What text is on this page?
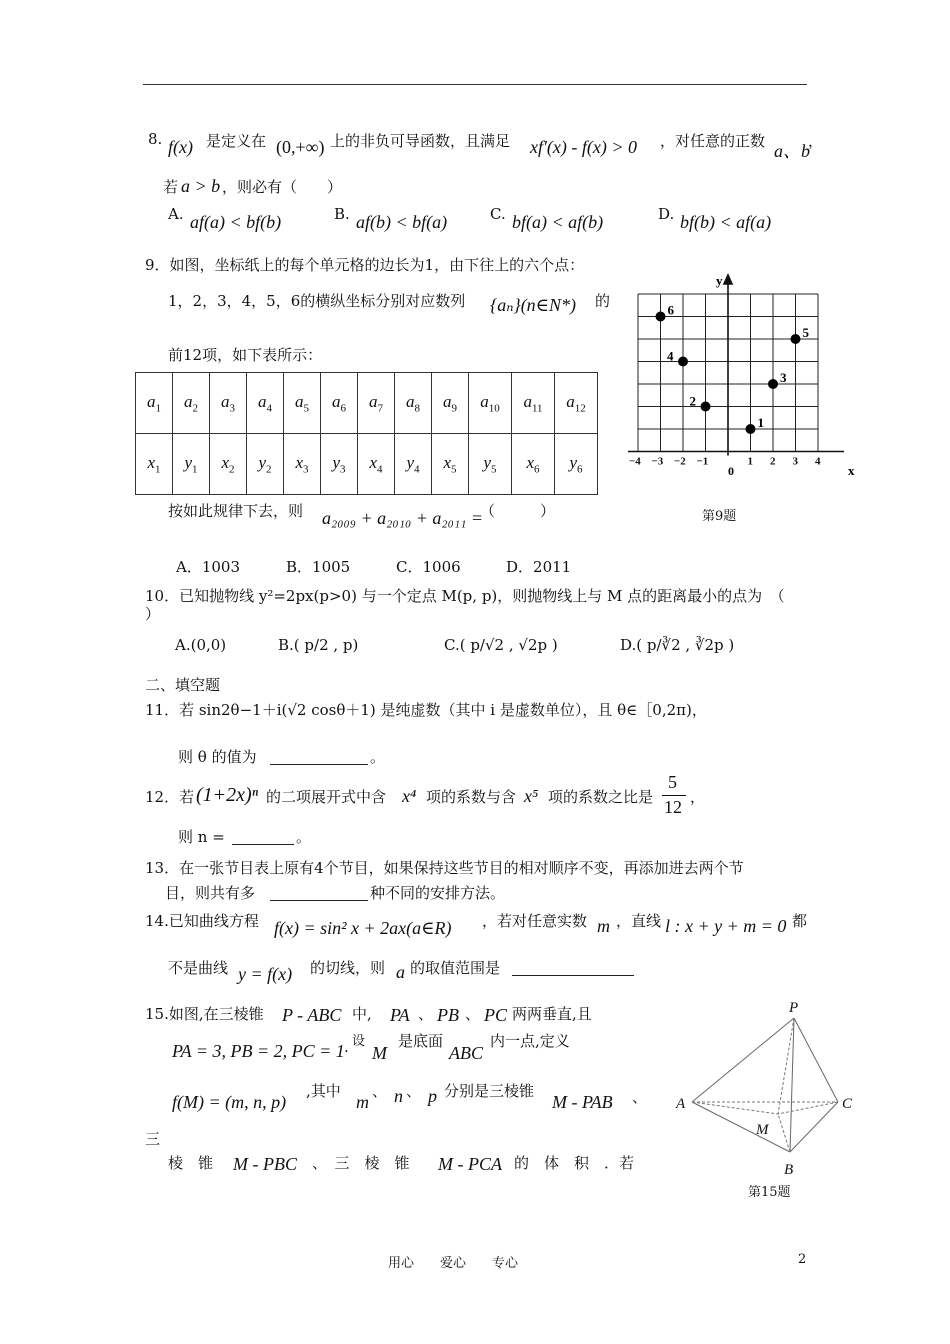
8. f(x) 是定义在 (0,+∞) 上的非负可导函数，且满足 xf′(x) - f(x) > 0 ，对任意的正数 a、b
，
若 a > b ，则必有（　　）
A. af(a) < bf(b)	B. af(b) < bf(a)	C. bf(a) < af(b)	D. bf(b) < af(a)
9．如图，坐标纸上的每个单元格的边长为1，由下往上的六个点：
1，2，3，4，5，6的横纵坐标分别对应数列 {aₙ}(n∈N*) 的
前12项，如下表所示：
$a_1$	$a_2$	$a_3$	$a_4$	$a_5$	$a_6$	$a_7$	$a_8$	$a_9$	$a_{10}$	$a_{11}$	$a_{12}$
$x_1$	$y_1$	$x_2$	$y_2$	$x_3$	$y_3$	$x_4$	$y_4$	$x_5$	$y_5$	$x_6$	$y_6$
按如此规律下去，则 a₂₀₀₉ + a₂₀₁₀ + a₂₀₁₁ =
（　　　）
A．1003	B．1005	C．1006	D．2011
1
2
3
4
5
6
y
x
0
−4 −3 −2 −1	1 2 3 4
第9题
10．已知抛物线 y²=2px(p>0) 与一个定点 M(p, p)，则抛物线上与 M 点的距离最小的点为　（
）
A.(0,0)	B.( p/2 , p)	C.( p/√2 , √2p )	D.( p/∛2 , ∛2p )
二、填空题
11．若 sin2θ−1＋i(√2 cosθ＋1) 是纯虚数（其中 i 是虚数单位），且 θ∈［0,2π)，
则 θ 的值为	。
12．若 (1+2x)ⁿ 的二项展开式中含 x⁴ 项的系数与含 x⁵ 项的系数之比是
5
12 ，
则 n =	。
13．在一张节目表上原有4个节目，如果保持这些节目的相对顺序不变，再添加进去两个节
目，则共有多	种不同的安排方法。
14.已知曲线方程 f(x) = sin² x + 2ax(a∈R) ，若对任意实数 m ，直线 l : x + y + m = 0 都
不是曲线 y = f(x) 的切线，则 a 的取值范围是
15.如图,在三棱锥 P - ABC 中, PA 、 PB 、 PC 两两垂直,且
PA = 3, PB = 2, PC = 1 . 设
M
是底面
ABC
内一点,定义
f(M) = (m, n, p)
,其中
m
、 n 、 p 分别是三棱锥
M - PAB 、
三
棱　锥 M - PBC 、　三　棱　锥 M - PCA 的　体　积　．若
P
A	C
B
M
第15题
用心　　爱心　　专心	2
